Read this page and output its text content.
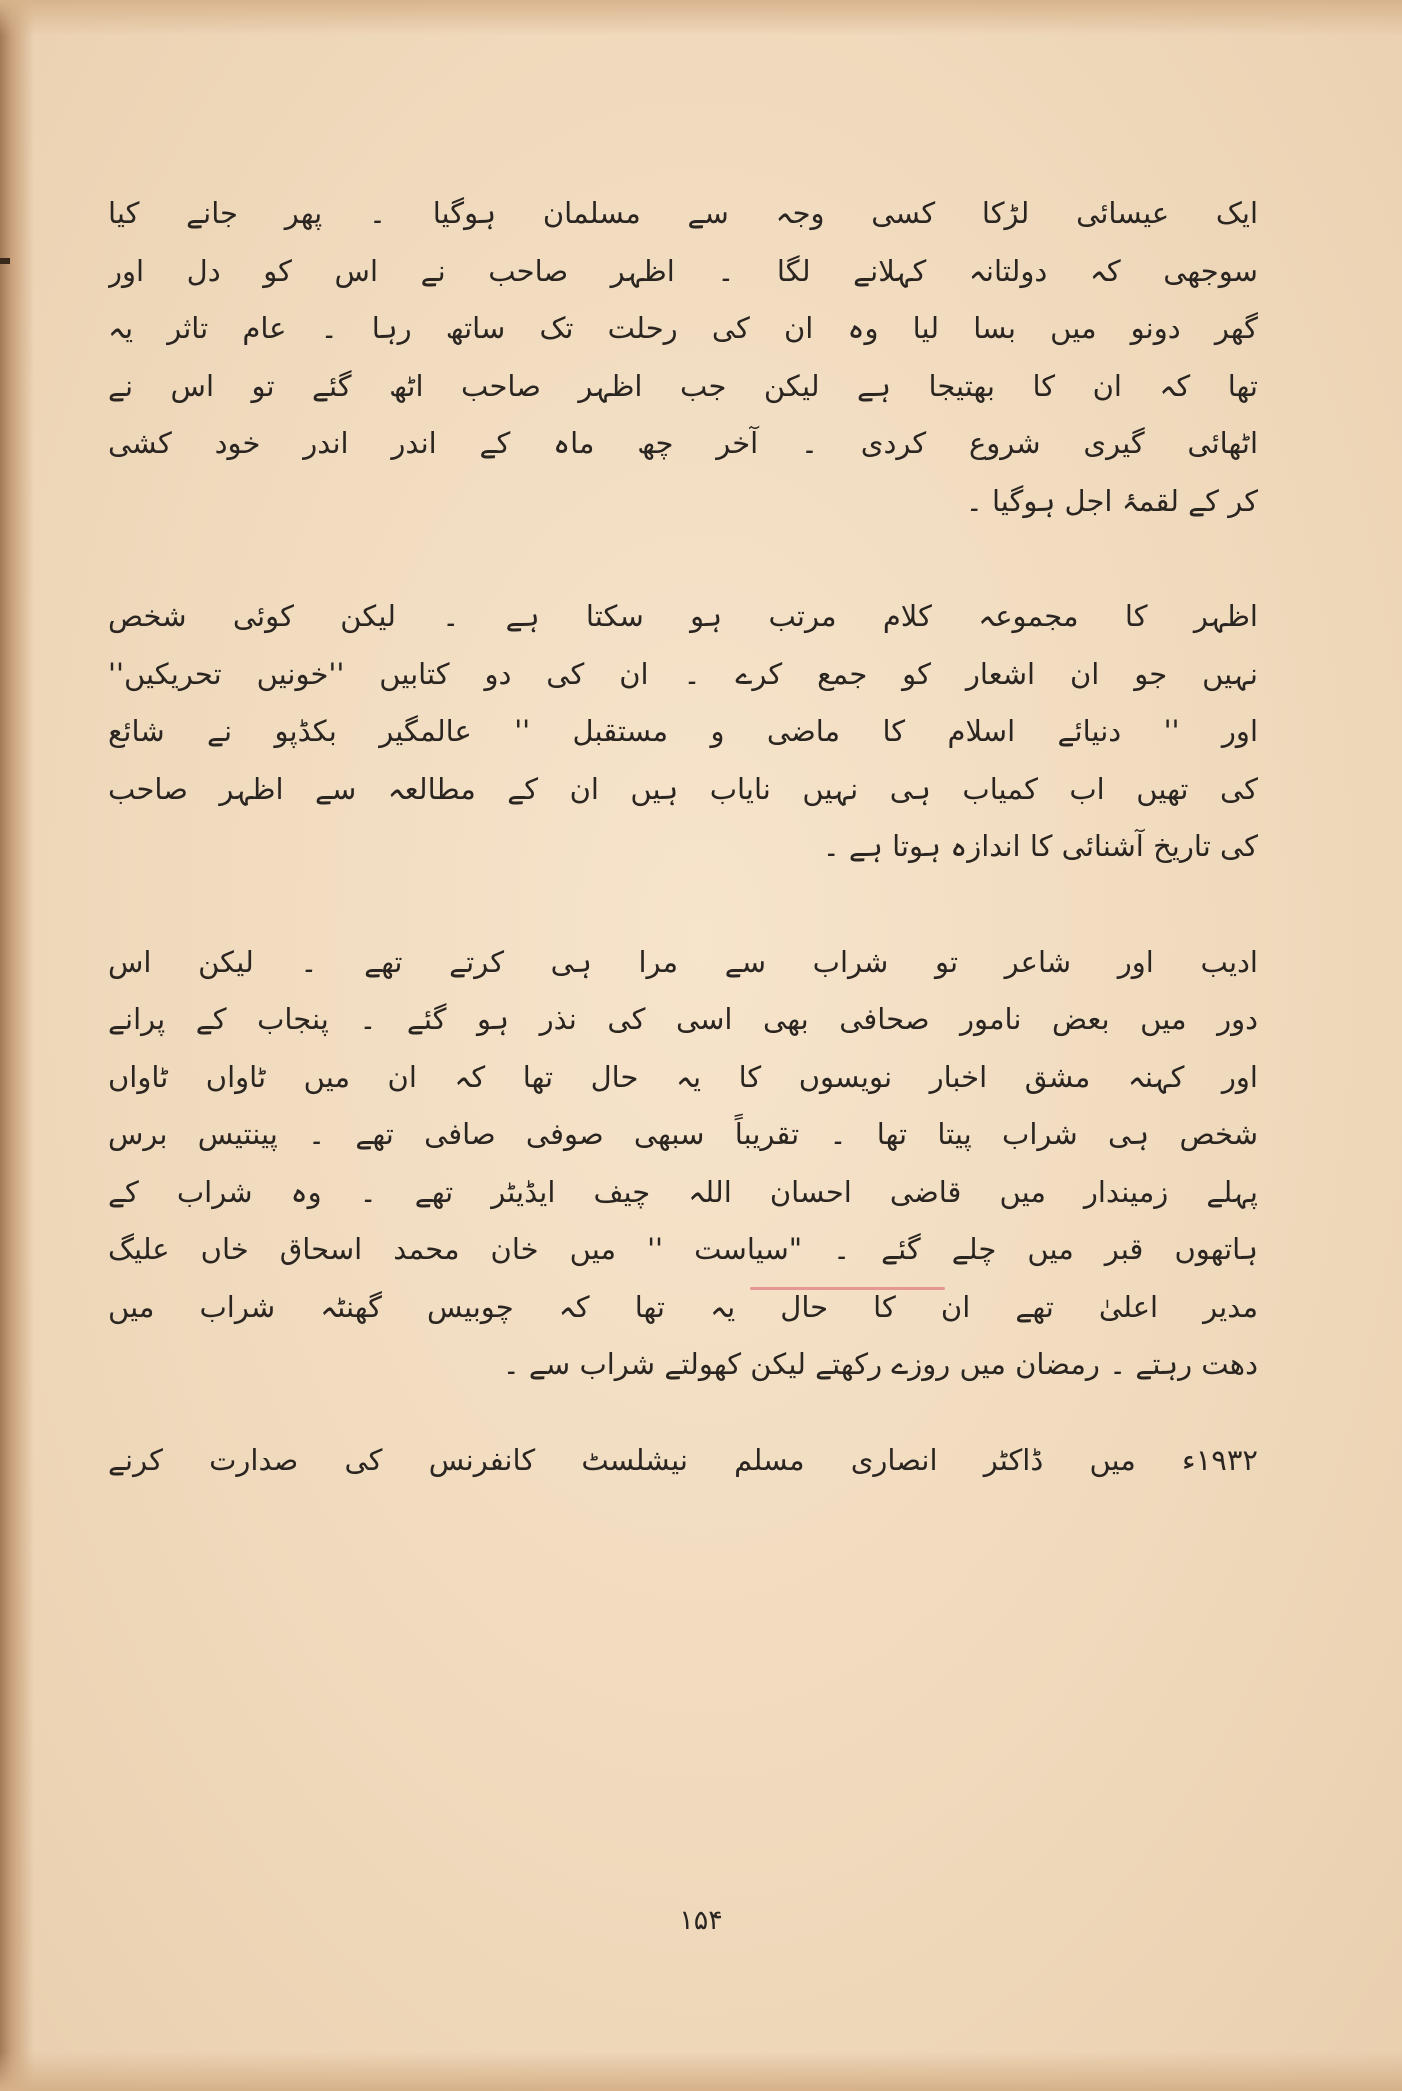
ایک عیسائی لڑکا کسی وجہ سے مسلمان ہوگیا ۔ پھر جانے کیا
سوجھی کہ دولتانہ کہلانے لگا ۔ اظہر صاحب نے اس کو دل اور
گھر دونو میں بسا لیا وہ ان کی رحلت تک ساتھ رہا ۔ عام تاثر یہ
تھا کہ ان کا بھتیجا ہے لیکن جب اظہر صاحب اٹھ گئے تو اس نے
اٹھائی گیری شروع کردی ۔ آخر چھ ماہ کے اندر اندر خود کشی
کر کے لقمۂ اجل ہوگیا ۔
اظہر کا مجموعہ کلام مرتب ہو سکتا ہے ۔ لیکن کوئی شخص
نہیں جو ان اشعار کو جمع کرے ۔ ان کی دو کتابیں ''خونیں تحریکیں''
اور '' دنیائے اسلام کا ماضی و مستقبل '' عالمگیر بکڈپو نے شائع
کی تھیں اب کمیاب ہی نہیں نایاب ہیں ان کے مطالعہ سے اظہر صاحب
کی تاریخ آشنائی کا اندازہ ہوتا ہے ۔
ادیب اور شاعر تو شراب سے مرا ہی کرتے تھے ۔ لیکن اس
دور میں بعض نامور صحافی بھی اسی کی نذر ہو گئے ۔ پنجاب کے پرانے
اور کہنہ مشق اخبار نویسوں کا یہ حال تھا کہ ان میں ٹاواں ٹاواں
شخص ہی شراب پیتا تھا ۔ تقریباً سبھی صوفی صافی تھے ۔ پینتیس برس
پہلے زمیندار میں قاضی احسان اللہ چیف ایڈیٹر تھے ۔ وہ شراب کے
ہاتھوں قبر میں چلے گئے ۔ "سیاست '' میں خان محمد اسحاق خاں علیگ
مدیر اعلیٰ تھے ان کا حال یہ تھا کہ چوبیس گھنٹہ شراب میں
دھت رہتے ۔ رمضان میں روزے رکھتے لیکن کھولتے شراب سے ۔
۱۹۳۲ء میں ڈاکٹر انصاری مسلم نیشلسٹ کانفرنس کی صدارت کرنے
۱۵۴
